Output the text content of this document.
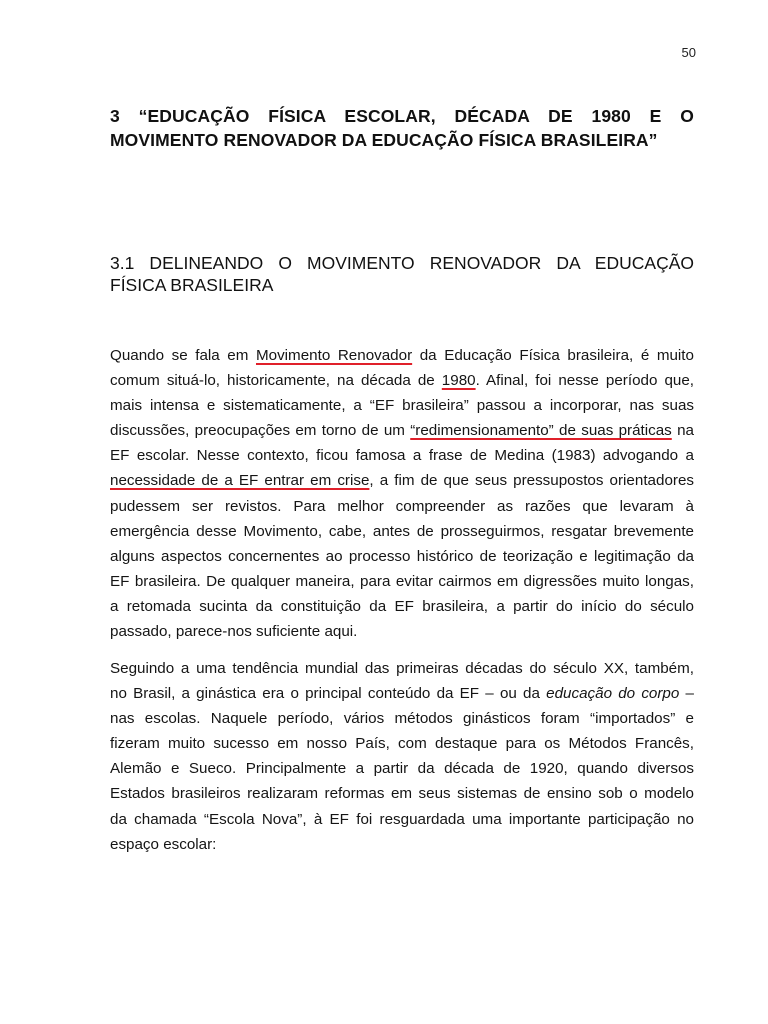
50
3 “EDUCAÇÃO FÍSICA ESCOLAR, DÉCADA DE 1980 E O
MOVIMENTO RENOVADOR DA EDUCAÇÃO FÍSICA BRASILEIRA”
3.1 DELINEANDO O MOVIMENTO RENOVADOR DA EDUCAÇÃO
FÍSICA BRASILEIRA
Quando se fala em Movimento Renovador da Educação Física brasileira, é muito
comum situá-lo, historicamente, na década de 1980. Afinal, foi nesse período que,
mais intensa e sistematicamente, a “EF brasileira” passou a incorporar, nas suas
discussões, preocupações em torno de um “redimensionamento” de suas práticas na
EF escolar. Nesse contexto, ficou famosa a frase de Medina (1983) advogando a
necessidade de a EF entrar em crise, a fim de que seus pressupostos orientadores
pudessem ser revistos. Para melhor compreender as razões que levaram à
emergência desse Movimento, cabe, antes de prosseguirmos, resgatar brevemente
alguns aspectos concernentes ao processo histórico de teorização e legitimação da
EF brasileira. De qualquer maneira, para evitar cairmos em digressões muito longas,
a retomada sucinta da constituição da EF brasileira, a partir do início do século
passado, parece-nos suficiente aqui.
Seguindo a uma tendência mundial das primeiras décadas do século XX, também,
no Brasil, a ginástica era o principal conteúdo da EF – ou da educação do corpo –
nas escolas. Naquele período, vários métodos ginásticos foram “importados” e
fizeram muito sucesso em nosso País, com destaque para os Métodos Francês,
Alemão e Sueco. Principalmente a partir da década de 1920, quando diversos
Estados brasileiros realizaram reformas em seus sistemas de ensino sob o modelo
da chamada “Escola Nova”, à EF foi resguardada uma importante participação no
espaço escolar:
